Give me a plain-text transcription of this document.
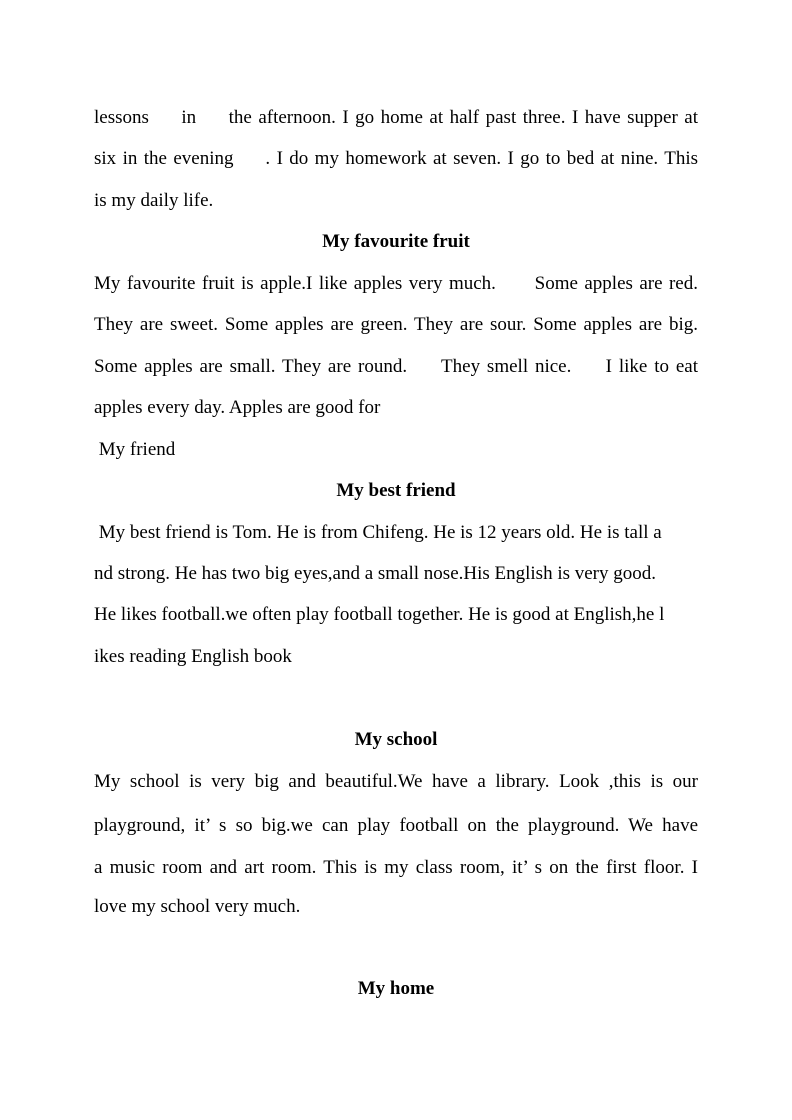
lessons     in     the afternoon. I go home at half past three. I have supper at

six in the evening     . I do my homework at seven. I go to bed at nine. This

is my daily life.

My favourite fruit

My favourite fruit is apple.I like apples very much.      Some apples are red.

They are sweet. Some apples are green. They are sour. Some apples are big.

Some apples are small. They are round.     They smell nice.     I like to eat

apples every day. Apples are good for

My friend

My best friend

My best friend is Tom. He is from Chifeng. He is 12 years old. He is tall a

nd strong. He has two big eyes,and a small nose.His English is very good.

He likes football.we often play football together. He is good at English,he l

ikes reading English book

My school

My school is very big and beautiful.We have a library. Look ,this is our

playground, it’ s so big.we can play football on the playground. We have

a music room and art room. This is my class room, it’ s on the first floor. I

love my school very much.

My home
